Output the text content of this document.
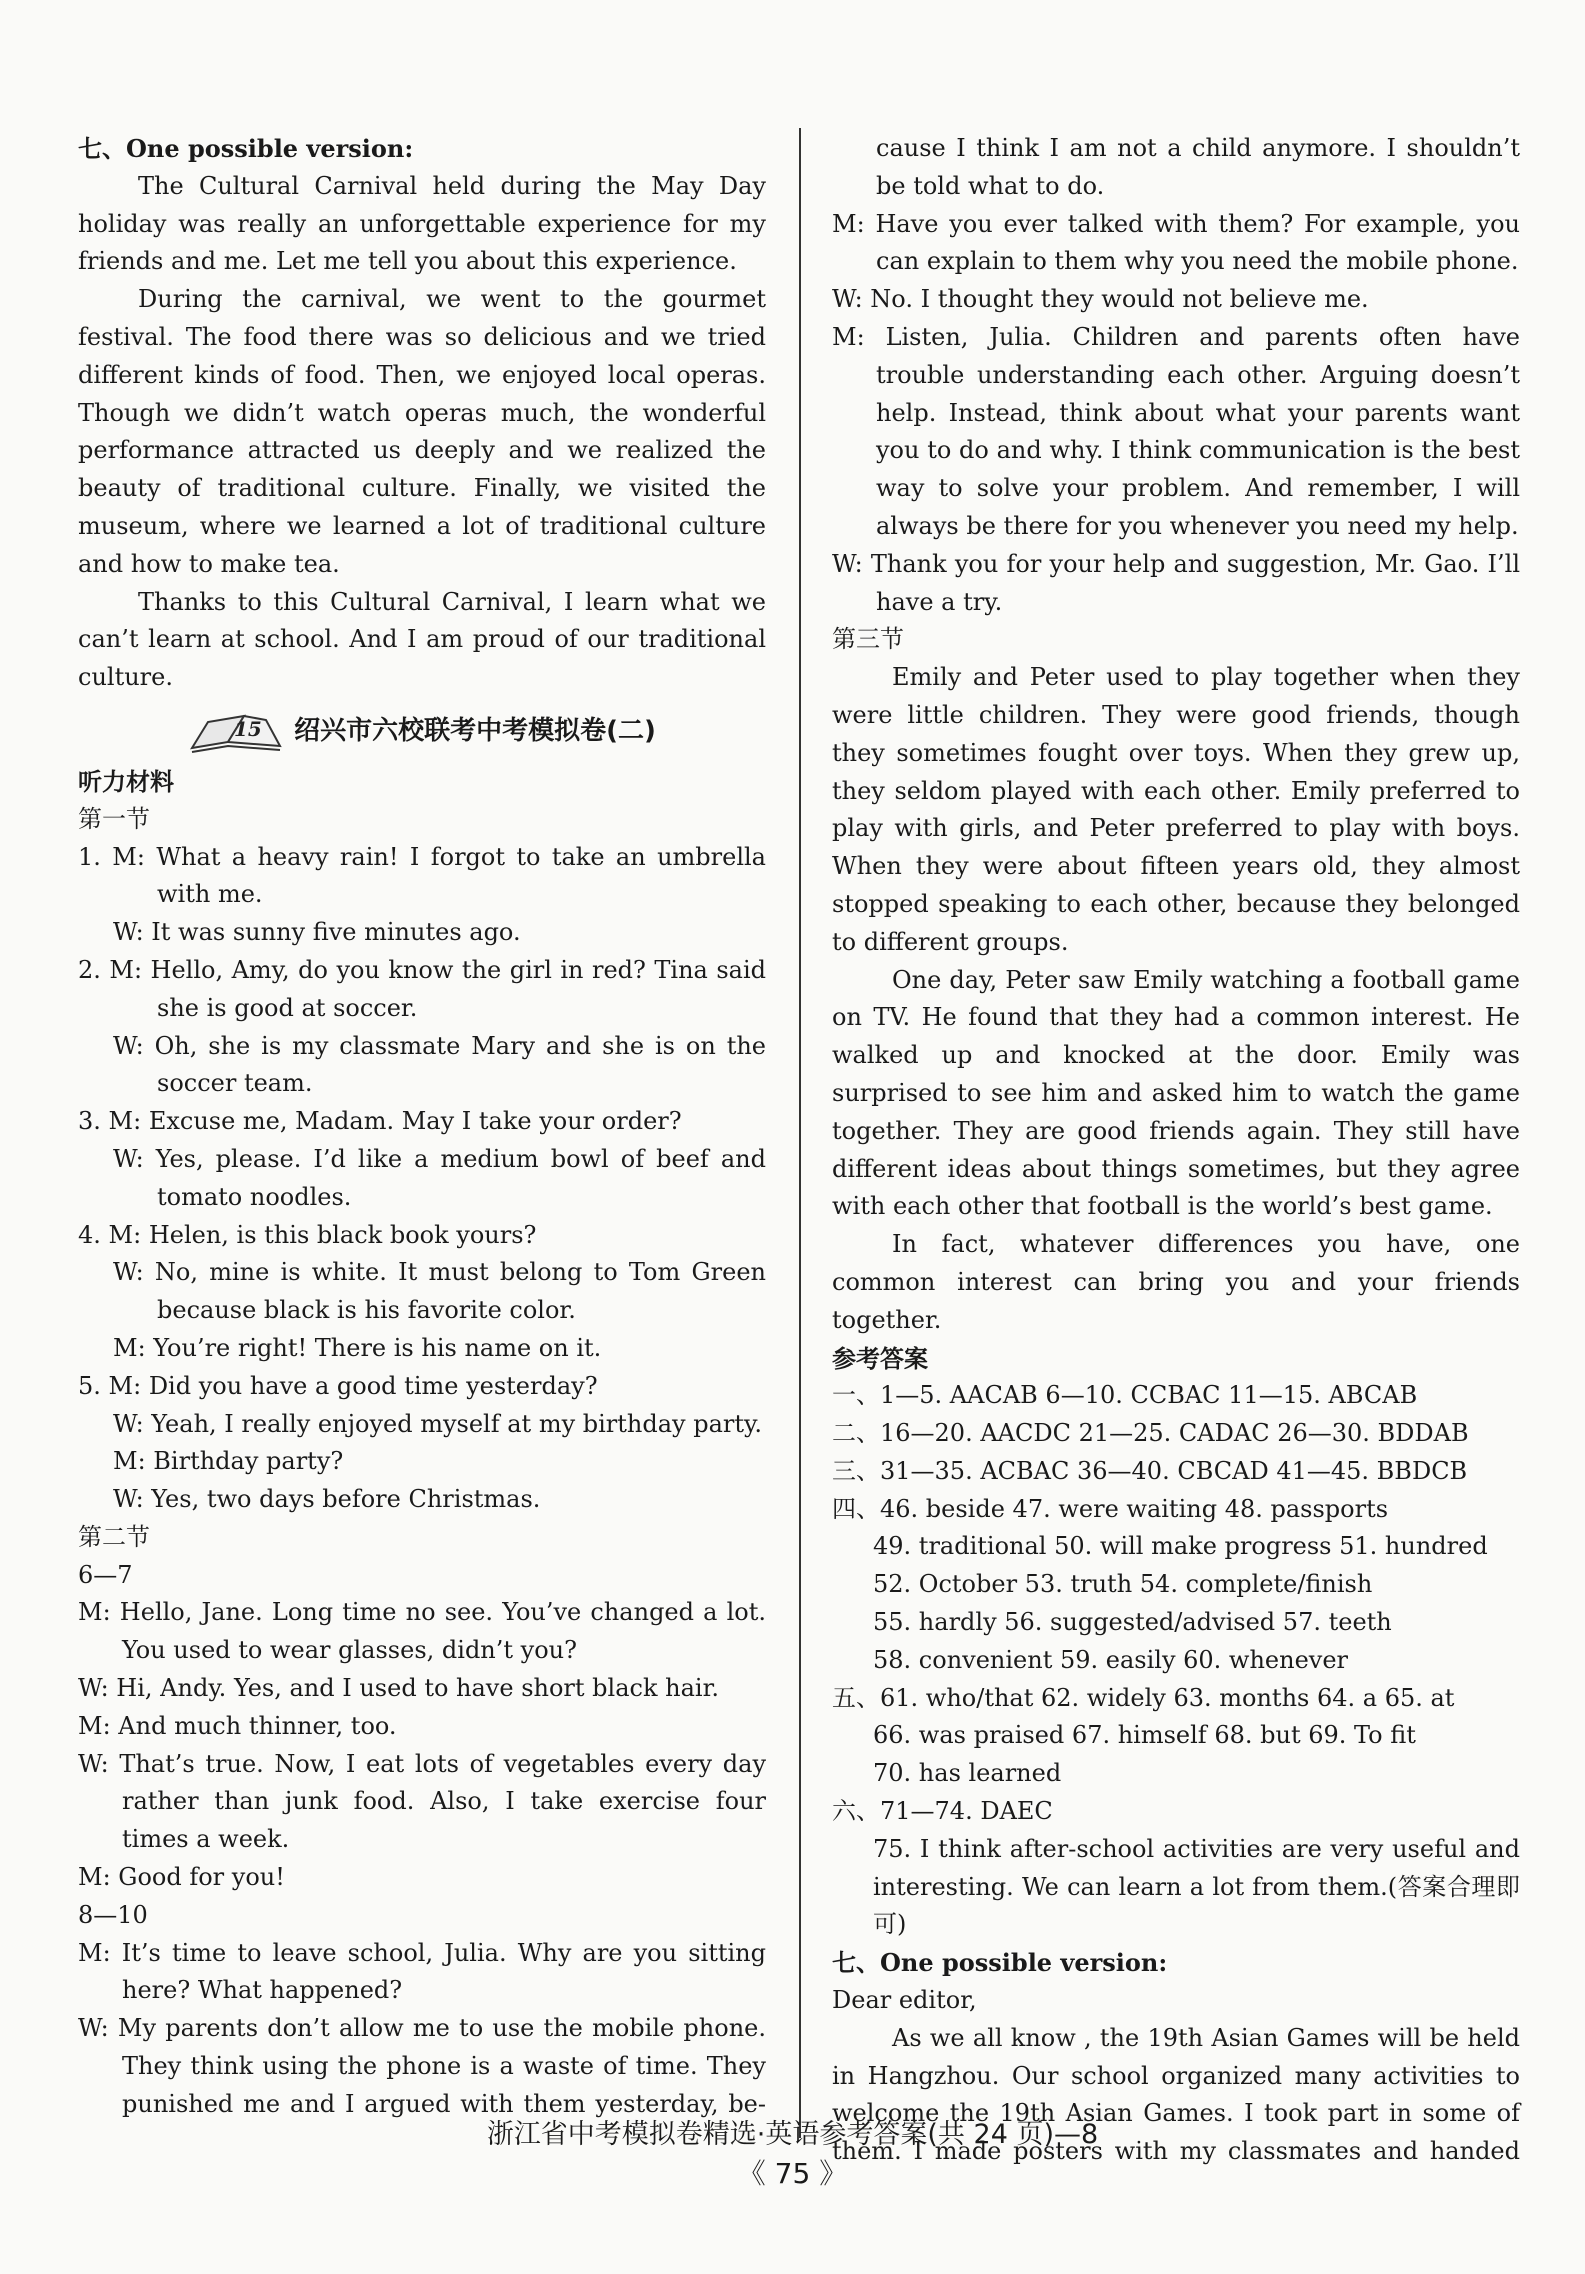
七、One possible version:

The Cultural Carnival held during the May Day holiday was really an unforgettable experience for my friends and me. Let me tell you about this experience.

During the carnival, we went to the gourmet festival. The food there was so delicious and we tried different kinds of food. Then, we enjoyed local operas. Though we didn’t watch operas much, the wonderful performance attracted us deeply and we realized the beauty of traditional culture. Finally, we visited the museum, where we learned a lot of traditional culture and how to make tea.

Thanks to this Cultural Carnival, I learn what we can’t learn at school. And I am proud of our traditional culture.

15 绍兴市六校联考中考模拟卷(二)

听力材料

第一节

1. M: What a heavy rain! I forgot to take an umbrella with me.

W: It was sunny five minutes ago.

2. M: Hello, Amy, do you know the girl in red? Tina said she is good at soccer.

W: Oh, she is my classmate Mary and she is on the soccer team.

3. M: Excuse me, Madam. May I take your order?

W: Yes, please. I’d like a medium bowl of beef and tomato noodles.

4. M: Helen, is this black book yours?

W: No, mine is white. It must belong to Tom Green because black is his favorite color.

M: You’re right! There is his name on it.

5. M: Did you have a good time yesterday?

W: Yeah, I really enjoyed myself at my birthday party.

M: Birthday party?

W: Yes, two days before Christmas.

第二节

6—7

M: Hello, Jane. Long time no see. You’ve changed a lot. You used to wear glasses, didn’t you?

W: Hi, Andy. Yes, and I used to have short black hair.

M: And much thinner, too.

W: That’s true. Now, I eat lots of vegetables every day rather than junk food. Also, I take exercise four times a week.

M: Good for you!

8—10

M: It’s time to leave school, Julia. Why are you sitting here? What happened?

W: My parents don’t allow me to use the mobile phone. They think using the phone is a waste of time. They punished me and I argued with them yesterday, be-

cause I think I am not a child anymore. I shouldn’t be told what to do.

M: Have you ever talked with them? For example, you can explain to them why you need the mobile phone.

W: No. I thought they would not believe me.

M: Listen, Julia. Children and parents often have trouble understanding each other. Arguing doesn’t help. Instead, think about what your parents want you to do and why. I think communication is the best way to solve your problem. And remember, I will always be there for you whenever you need my help.

W: Thank you for your help and suggestion, Mr. Gao. I’ll have a try.

第三节

Emily and Peter used to play together when they were little children. They were good friends, though they sometimes fought over toys. When they grew up, they seldom played with each other. Emily preferred to play with girls, and Peter preferred to play with boys. When they were about fifteen years old, they almost stopped speaking to each other, because they belonged to different groups.

One day, Peter saw Emily watching a football game on TV. He found that they had a common interest. He walked up and knocked at the door. Emily was surprised to see him and asked him to watch the game together. They are good friends again. They still have different ideas about things sometimes, but they agree with each other that football is the world’s best game.

In fact, whatever differences you have, one common interest can bring you and your friends together.

参考答案

一、1—5. AACAB 6—10. CCBAC 11—15. ABCAB

二、16—20. AACDC 21—25. CADAC 26—30. BDDAB

三、31—35. ACBAC 36—40. CBCAD 41—45. BBDCB

四、46. beside 47. were waiting 48. passports

49. traditional 50. will make progress 51. hundred

52. October 53. truth 54. complete/finish

55. hardly 56. suggested/advised 57. teeth

58. convenient 59. easily 60. whenever

五、61. who/that 62. widely 63. months 64. a 65. at

66. was praised 67. himself 68. but 69. To fit

70. has learned

六、71—74. DAEC

75. I think after-school activities are very useful and interesting. We can learn a lot from them.(答案合理即可)

七、One possible version:

Dear editor,

As we all know , the 19th Asian Games will be held in Hangzhou. Our school organized many activities to welcome the 19th Asian Games. I took part in some of them. I made posters with my classmates and handed

浙江省中考模拟卷精选·英语参考答案(共 24 页)—8
《 75 》
